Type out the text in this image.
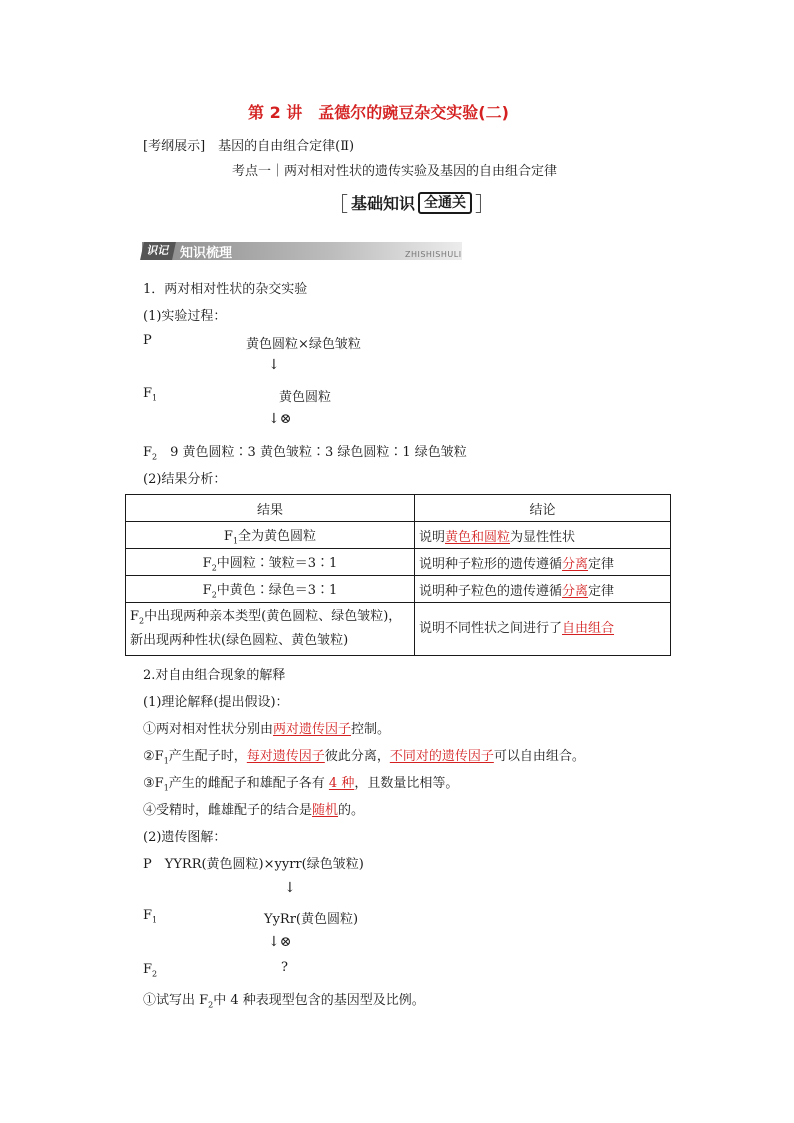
第 2 讲　孟德尔的豌豆杂交实验(二)
[考纲展示]　基因的自由组合定律(Ⅱ)
考点一｜两对相对性状的遗传实验及基因的自由组合定律
［ 基础知识 全通关 ］
识记 知识梳理	ZHISHISHULI
1．两对相对性状的杂交实验
(1)实验过程：
P	黄色圆粒×绿色皱粒
↓
$F_1$	黄色圆粒
↓⊗
$F_2$　 9 黄色圆粒∶3 黄色皱粒∶3 绿色圆粒∶1 绿色皱粒
(2)结果分析：
结果	结论
$F_1$全为黄色圆粒	说明黄色和圆粒为显性性状
$F_2$中圆粒∶皱粒＝3∶1	说明种子粒形的遗传遵循分离定律
$F_2$中黄色∶绿色＝3∶1	说明种子粒色的遗传遵循分离定律
$F_2$中出现两种亲本类型(黄色圆粒、绿色皱粒)，新出现两种性状(绿色圆粒、黄色皱粒)	说明不同性状之间进行了自由组合
2.对自由组合现象的解释
(1)理论解释(提出假设)：
①两对相对性状分别由两对遗传因子控制。
$②F_1$产生配子时，每对遗传因子彼此分离，不同对的遗传因子可以自由组合。
$③F_1$产生的雌配子和雄配子各有 4 种，且数量比相等。
④受精时，雌雄配子的结合是随机的。
(2)遗传图解：
P　YYRR(黄色圆粒)×yyrr(绿色皱粒)
↓
$F_1$	YyRr(黄色圆粒)
↓⊗
$F_2$	?
①试写出 $F_2$中 4 种表现型包含的基因型及比例。
